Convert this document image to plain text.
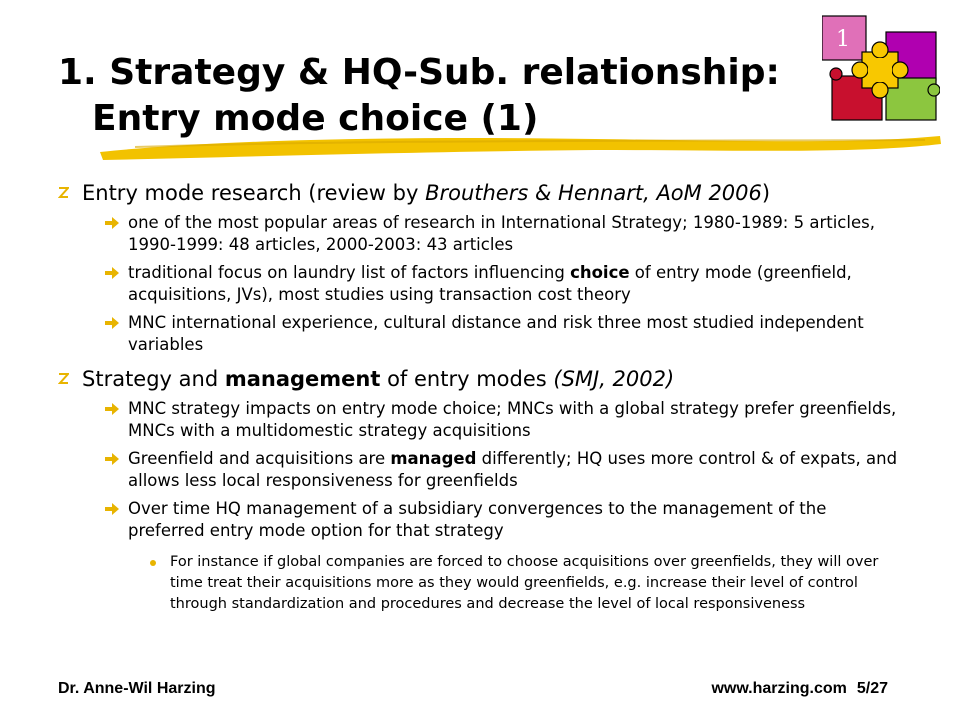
1. Strategy & HQ-Sub. relationship:
Entry mode choice (1)
1
Entry mode research (review by Brouthers & Hennart, AoM 2006)
one of the most popular areas of research in International Strategy; 1980-1989: 5 articles, 1990-1999: 48 articles, 2000-2003: 43 articles
traditional focus on laundry list of factors influencing choice of entry mode (greenfield, acquisitions, JVs), most studies using transaction cost theory
MNC international experience, cultural distance and risk three most studied independent variables
Strategy and management of entry modes (SMJ, 2002)
MNC strategy impacts on entry mode choice; MNCs with a global strategy prefer greenfields, MNCs with a multidomestic strategy acquisitions
Greenfield and acquisitions are managed differently; HQ uses more control & of expats, and allows less local responsiveness for greenfields
Over time HQ management of a subsidiary convergences to the management of the preferred entry mode option for that strategy
For instance if global companies are forced to choose acquisitions over greenfields, they will over time treat their acquisitions more as they would greenfields, e.g. increase their level of control through standardization and procedures and decrease the level of local responsiveness
Dr. Anne-Wil Harzing	www.harzing.com 5/27
